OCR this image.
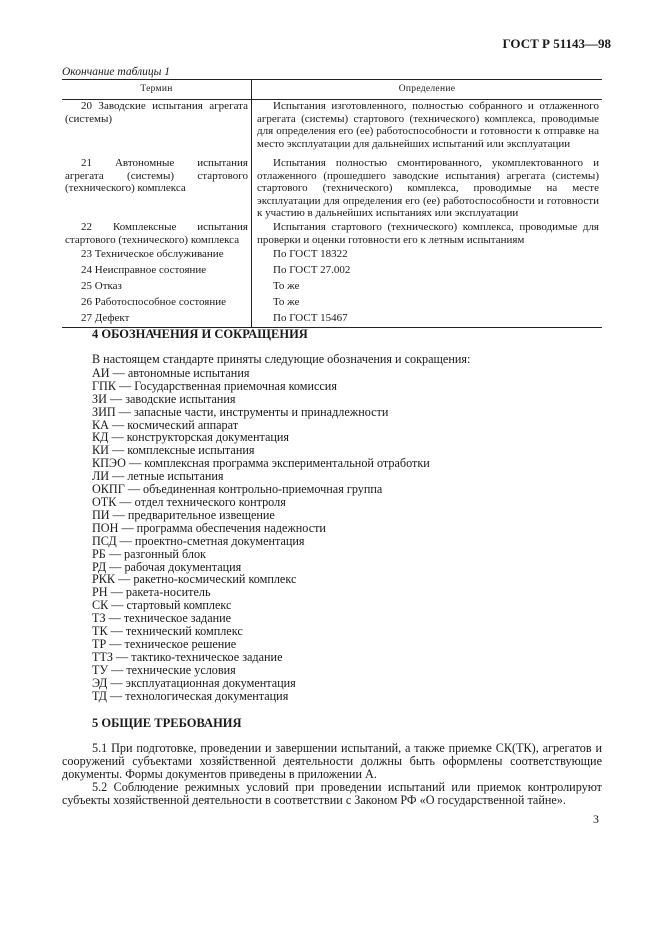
ГОСТ Р 51143—98
Окончание таблицы 1
Термин	Определение
20 Заводские испытания агрегата (системы)	Испытания изготовленного, полностью собранного и отлаженного агрегата (системы) стартового (технического) комплекса, проводимые для определения его (ее) работоспособности и готовности к отправке на место эксплуатации для дальнейших испытаний или эксплуатации
21 Автономные испытания агрегата (системы) стартового (технического) комплекса	Испытания полностью смонтированного, укомплектованного и отлаженного (прошедшего заводские испытания) агрегата (системы) стартового (технического) комплекса, проводимые на месте эксплуатации для определения его (ее) работоспособности и готовности к участию в дальнейших испытаниях или эксплуатации
22 Комплексные испытания стартового (технического) комплекса	Испытания стартового (технического) комплекса, проводимые для проверки и оценки готовности его к летным испытаниям
23 Техническое обслуживание	По ГОСТ 18322
24 Неисправное состояние	По ГОСТ 27.002
25 Отказ	То же
26 Работоспособное состояние	То же
27 Дефект	По ГОСТ 15467
4 ОБОЗНАЧЕНИЯ И СОКРАЩЕНИЯ
В настоящем стандарте приняты следующие обозначения и сокращения:
АИ — автономные испытания
ГПК — Государственная приемочная комиссия
ЗИ — заводские испытания
ЗИП — запасные части, инструменты и принадлежности
КА — космический аппарат
КД — конструкторская документация
КИ — комплексные испытания
КПЭО — комплексная программа экспериментальной отработки
ЛИ — летные испытания
ОКПГ — объединенная контрольно-приемочная группа
ОТК — отдел технического контроля
ПИ — предварительное извещение
ПОН — программа обеспечения надежности
ПСД — проектно-сметная документация
РБ — разгонный блок
РД — рабочая документация
РКК — ракетно-космический комплекс
РН — ракета-носитель
СК — стартовый комплекс
ТЗ — техническое задание
ТК — технический комплекс
ТР — техническое решение
ТТЗ — тактико-техническое задание
ТУ — технические условия
ЭД — эксплуатационная документация
ТД — технологическая документация
5 ОБЩИЕ ТРЕБОВАНИЯ
5.1 При подготовке, проведении и завершении испытаний, а также приемке СК(ТК), агрегатов и сооружений субъектами хозяйственной деятельности должны быть оформлены соответствующие документы. Формы документов приведены в приложении А.
5.2 Соблюдение режимных условий при проведении испытаний или приемок контролируют субъекты хозяйственной деятельности в соответствии с Законом РФ «О государственной тайне».
3
